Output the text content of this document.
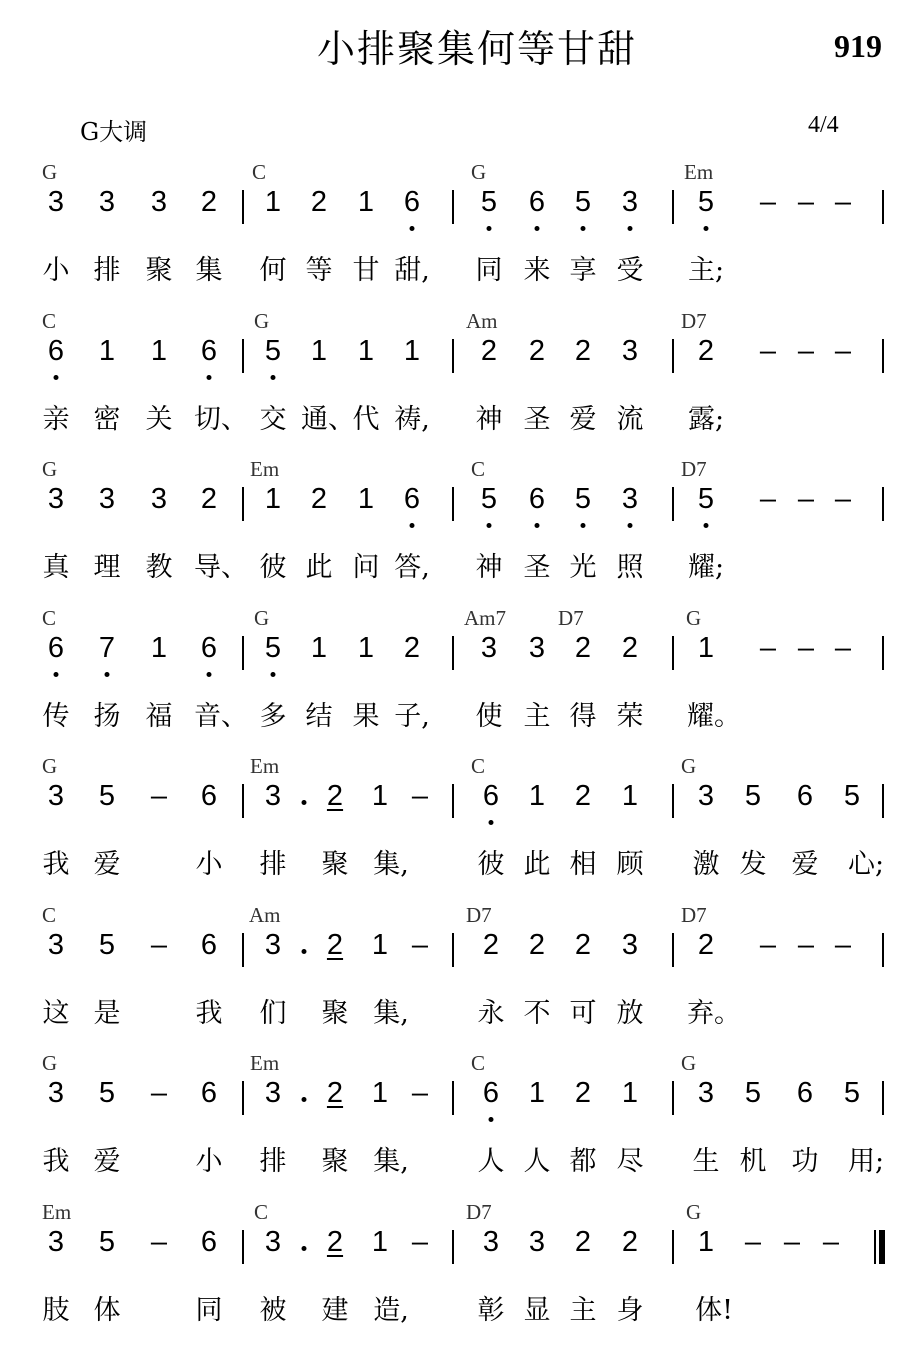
小排聚集何等甘甜	919
G大调	4/4
G	C	G	Em
3 3 3 2 1 2 1 6 5 6 5 3 5 – – –
小 排 聚 集 何 等 甘 甜, 同 来 享 受 主;
C	G	Am	D7
6 1 1 6 5 1 1 1 2 2 2 3 2 – – –
亲 密 关 切、 交 通、
代 祷, 神 圣 爱 流 露;
G	Em	C	D7
3 3 3 2 1 2 1 6 5 6 5 3 5 – – –
真 理 教 导、 彼 此 问 答, 神 圣 光 照 耀;
C	G	Am7 D7	G
6 7 1 6 5 1 1 2 3 3 2 2 1 – – –
传 扬 福 音、 多 结 果 子, 使 主 得 荣 耀。
G	Em	C	G
3 5 – 6 3 2 1 – 6 1 2 1 3 5 6 5
我 爱	小 排 聚 集,	彼 此 相 顾 激 发 爱 心;
C	Am	D7	D7
3 5 – 6 3 2 1 – 2 2 2 3 2 – – –
这 是	我 们 聚 集,	永 不 可 放 弃。
G	Em	C	G
3 5 – 6 3 2 1 – 6 1 2 1 3 5 6 5
我 爱	小 排 聚 集,	人 人 都 尽 生 机 功 用;
Em	C	D7	G
3 5 – 6 3 2 1 – 3 3 2 2 1 – – –
肢 体	同 被 建 造,	彰 显 主 身 体!
